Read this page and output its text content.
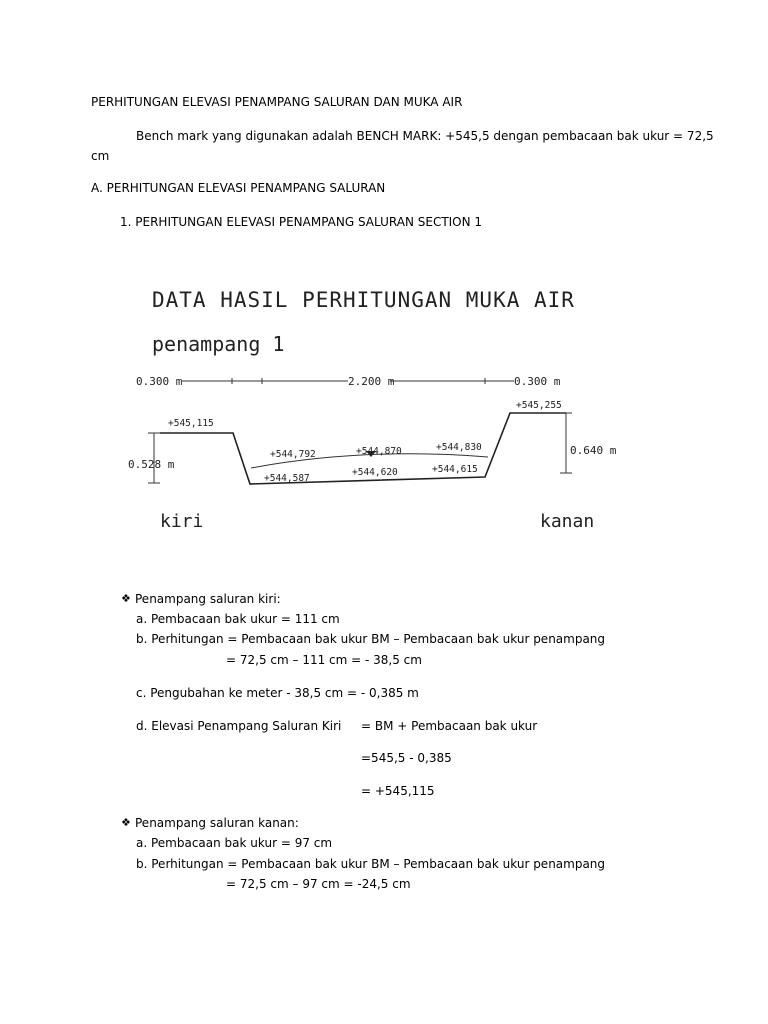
PERHITUNGAN ELEVASI PENAMPANG SALURAN DAN MUKA AIR
Bench mark yang digunakan adalah BENCH MARK: +545,5 dengan pembacaan bak ukur = 72,5
cm
A. PERHITUNGAN ELEVASI PENAMPANG SALURAN
1. PERHITUNGAN ELEVASI PENAMPANG SALURAN SECTION 1
DATA HASIL PERHITUNGAN MUKA AIR
penampang 1
0.300 m	2.200 m	0.300 m
0.528 m
0.640 m
+545,115
+545,255
+544,792	+544,870	+544,830
+544,587
+544,620	+544,615
kiri	kanan
❖ Penampang saluran kiri:
a. Pembacaan bak ukur = 111 cm
b. Perhitungan = Pembacaan bak ukur BM – Pembacaan bak ukur penampang
= 72,5 cm – 111 cm = - 38,5 cm
c. Pengubahan ke meter - 38,5 cm = - 0,385 m
d. Elevasi Penampang Saluran Kiri = BM + Pembacaan bak ukur
=545,5 - 0,385
= +545,115
❖ Penampang saluran kanan:
a. Pembacaan bak ukur = 97 cm
b. Perhitungan = Pembacaan bak ukur BM – Pembacaan bak ukur penampang
= 72,5 cm – 97 cm = -24,5 cm
